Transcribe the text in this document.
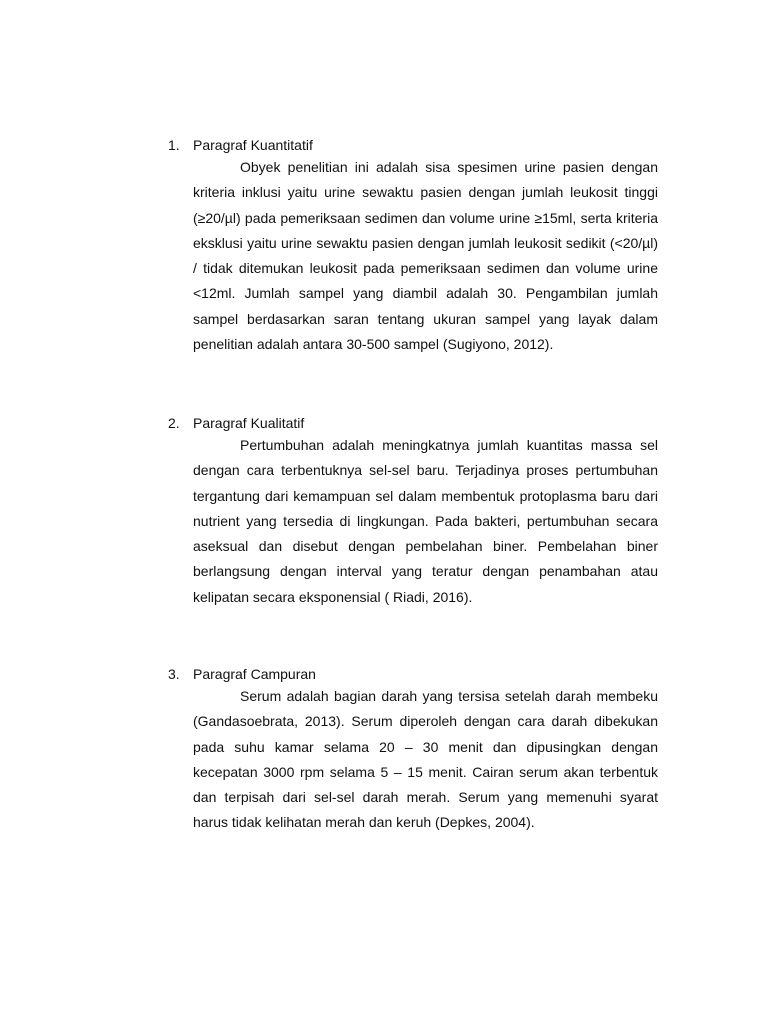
1. Paragraf Kuantitatif

Obyek penelitian ini adalah sisa spesimen urine pasien dengan kriteria inklusi yaitu urine sewaktu pasien dengan jumlah leukosit tinggi (≥20/µl) pada pemeriksaan sedimen dan volume urine ≥15ml, serta kriteria eksklusi yaitu urine sewaktu pasien dengan jumlah leukosit sedikit (<20/µl) / tidak ditemukan leukosit pada pemeriksaan sedimen dan volume urine <12ml. Jumlah sampel yang diambil adalah 30. Pengambilan jumlah sampel berdasarkan saran tentang ukuran sampel yang layak dalam penelitian adalah antara 30-500 sampel (Sugiyono, 2012).

2. Paragraf Kualitatif

Pertumbuhan adalah meningkatnya jumlah kuantitas massa sel dengan cara terbentuknya sel-sel baru. Terjadinya proses pertumbuhan tergantung dari kemampuan sel dalam membentuk protoplasma baru dari nutrient yang tersedia di lingkungan. Pada bakteri, pertumbuhan secara aseksual dan disebut dengan pembelahan biner. Pembelahan biner berlangsung dengan interval yang teratur dengan penambahan atau kelipatan secara eksponensial ( Riadi, 2016).

3. Paragraf Campuran

Serum adalah bagian darah yang tersisa setelah darah membeku (Gandasoebrata, 2013). Serum diperoleh dengan cara darah dibekukan pada suhu kamar selama 20 – 30 menit dan dipusingkan dengan kecepatan 3000 rpm selama 5 – 15 menit. Cairan serum akan terbentuk dan terpisah dari sel-sel darah merah. Serum yang memenuhi syarat harus tidak kelihatan merah dan keruh (Depkes, 2004).
